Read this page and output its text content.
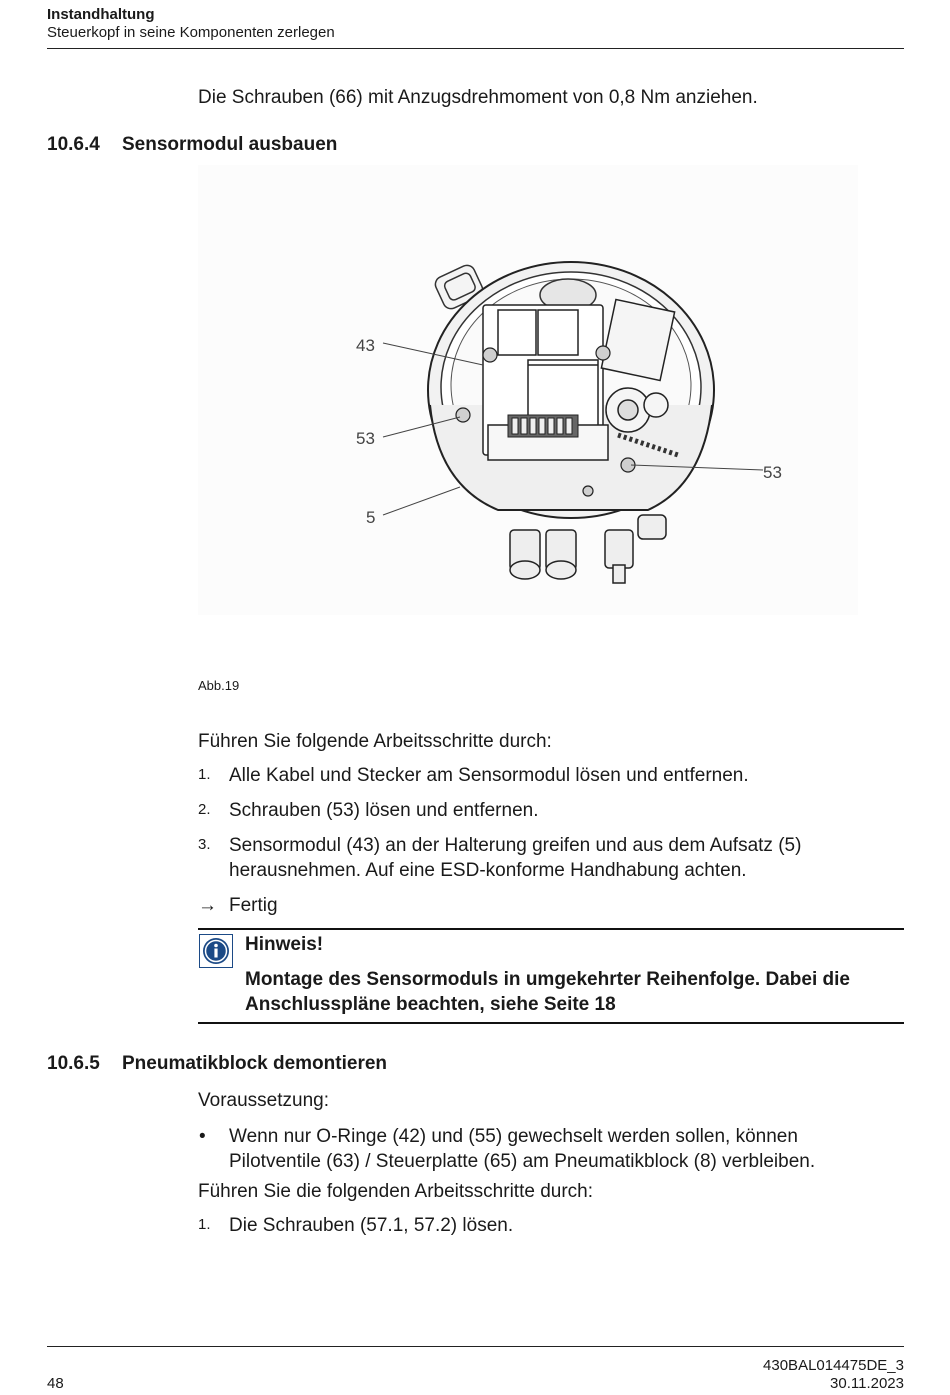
Instandhaltung
Steuerkopf in seine Komponenten zerlegen
Die Schrauben (66) mit Anzugsdrehmoment von 0,8 Nm anziehen.
10.6.4 Sensormodul ausbauen
43
53
5
53
Abb.19
Führen Sie folgende Arbeitsschritte durch:
1. Alle Kabel und Stecker am Sensormodul lösen und entfernen.
2. Schrauben (53) lösen und entfernen.
3. Sensormodul (43) an der Halterung greifen und aus dem Aufsatz (5) herausnehmen. Auf eine ESD-konforme Handhabung achten.
→ Fertig
Hinweis!
Montage des Sensormoduls in umgekehrter Reihenfolge. Dabei die Anschlusspläne beachten, siehe Seite 18
10.6.5 Pneumatikblock demontieren
Voraussetzung:
• Wenn nur O-Ringe (42) und (55) gewechselt werden sollen, können Pilotventile (63) / Steuerplatte (65) am Pneumatikblock (8) verbleiben.
Führen Sie die folgenden Arbeitsschritte durch:
1. Die Schrauben (57.1, 57.2) lösen.
48
430BAL014475DE_3
30.11.2023
